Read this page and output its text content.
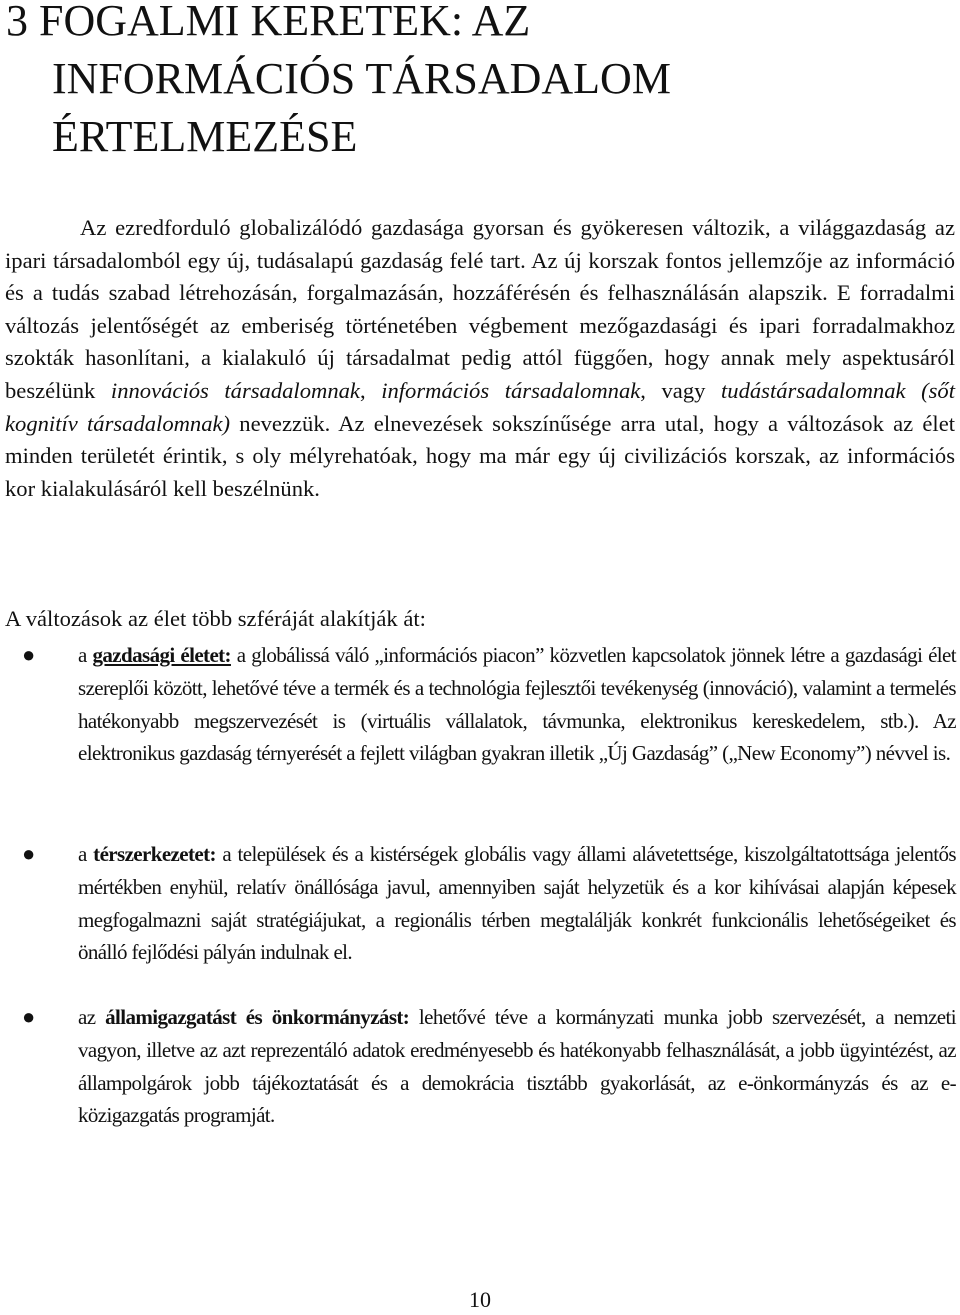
3 FOGALMI KERETEK: AZ
INFORMÁCIÓS TÁRSADALOM
ÉRTELMEZÉSE

Az ezredforduló globalizálódó gazdasága gyorsan és gyökeresen változik, a világgazdaság az ipari társadalomból egy új, tudásalapú gazdaság felé tart. Az új korszak fontos jellemzője az információ és a tudás szabad létrehozásán, forgalmazásán, hozzáférésén és felhasználásán alapszik. E forradalmi változás jelentőségét az emberiség történetében végbement mezőgazdasági és ipari forradalmakhoz szokták hasonlítani, a kialakuló új társadalmat pedig attól függően, hogy annak mely aspektusáról beszélünk innovációs társadalomnak, információs társadalomnak, vagy tudástársadalomnak (sőt kognitív társadalomnak) nevezzük. Az elnevezések sokszínűsége arra utal, hogy a változások az élet minden területét érintik, s oly mélyrehatóak, hogy ma már egy új civilizációs korszak, az információs kor kialakulásáról kell beszélnünk.

A változások az élet több szféráját alakítják át:

● a gazdasági életet: a globálissá váló „információs piacon” közvetlen kapcsolatok jönnek létre a gazdasági élet szereplői között, lehetővé téve a termék és a technológia fejlesztői tevékenység (innováció), valamint a termelés hatékonyabb megszervezését is (virtuális vállalatok, távmunka, elektronikus kereskedelem, stb.). Az elektronikus gazdaság térnyerését a fejlett világban gyakran illetik „Új Gazdaság” („New Economy”) névvel is.

● a térszerkezetet: a települések és a kistérségek globális vagy állami alávetettsége, kiszolgáltatottsága jelentős mértékben enyhül, relatív önállósága javul, amennyiben saját helyzetük és a kor kihívásai alapján képesek megfogalmazni saját stratégiájukat, a regionális térben megtalálják konkrét funkcionális lehetőségeiket és önálló fejlődési pályán indulnak el.

● az államigazgatást és önkormányzást: lehetővé téve a kormányzati munka jobb szervezését, a nemzeti vagyon, illetve az azt reprezentáló adatok eredményesebb és hatékonyabb felhasználását, a jobb ügyintézést, az állampolgárok jobb tájékoztatását és a demokrácia tisztább gyakorlását, az e-önkormányzás és az e-közigazgatás programját.

10
